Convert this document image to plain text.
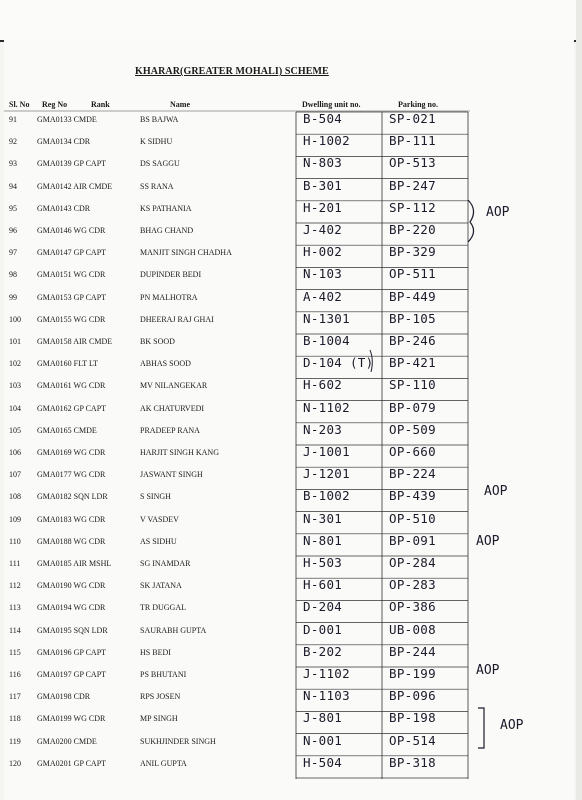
KHARAR(GREATER MOHALI) SCHEME
Sl. No Reg No	Rank	Name	Dwelling unit no.	Parking no.
91	GMA0133 CMDE	BS BAJWA	B-504	SP-021
92	GMA0134 CDR	K SIDHU	H-1002	BP-111
93	GMA0139 GP CAPT	DS SAGGU	N-803	OP-513
94	GMA0142 AIR CMDE	SS RANA	B-301	BP-247
95	GMA0143 CDR	KS PATHANIA	H-201	SP-112
96	GMA0146 WG CDR	BHAG CHAND	J-402	BP-220
97	GMA0147 GP CAPT	MANJIT SINGH CHADHA	H-002	BP-329
98	GMA0151 WG CDR	DUPINDER BEDI	N-103	OP-511
99	GMA0153 GP CAPT	PN MALHOTRA	A-402	BP-449
100 GMA0155 WG CDR	DHEERAJ RAJ GHAI	N-1301	BP-105
101 GMA0158 AIR CMDE	BK SOOD	B-1004	BP-246
102 GMA0160 FLT LT	ABHAS SOOD	D-104 (T) BP-421
103 GMA0161 WG CDR	MV NILANGEKAR	H-602	SP-110
104 GMA0162 GP CAPT	AK CHATURVEDI	N-1102	BP-079
105 GMA0165 CMDE	PRADEEP RANA	N-203	OP-509
106 GMA0169 WG CDR	HARJIT SINGH KANG	J-1001	OP-660
107 GMA0177 WG CDR	JASWANT SINGH	J-1201	BP-224
108 GMA0182 SQN LDR	S SINGH	B-1002	BP-439
109 GMA0183 WG CDR	V VASDEV	N-301	OP-510
110 GMA0188 WG CDR	AS SIDHU	N-801	BP-091
111 GMA0185 AIR MSHL	SG INAMDAR	H-503	OP-284
112 GMA0190 WG CDR	SK JATANA	H-601	OP-283
113 GMA0194 WG CDR	TR DUGGAL	D-204	OP-386
114 GMA0195 SQN LDR	SAURABH GUPTA	D-001	UB-008
115 GMA0196 GP CAPT	HS BEDI	B-202	BP-244
116 GMA0197 GP CAPT	PS BHUTANI	J-1102	BP-199
117 GMA0198 CDR	RPS JOSEN	N-1103	BP-096
118 GMA0199 WG CDR	MP SINGH	J-801	BP-198
119 GMA0200 CMDE	SUKHJINDER SINGH	N-001	OP-514
120 GMA0201 GP CAPT	ANIL GUPTA	H-504	BP-318
AOP
AOP
AOP
AOP
AOP
